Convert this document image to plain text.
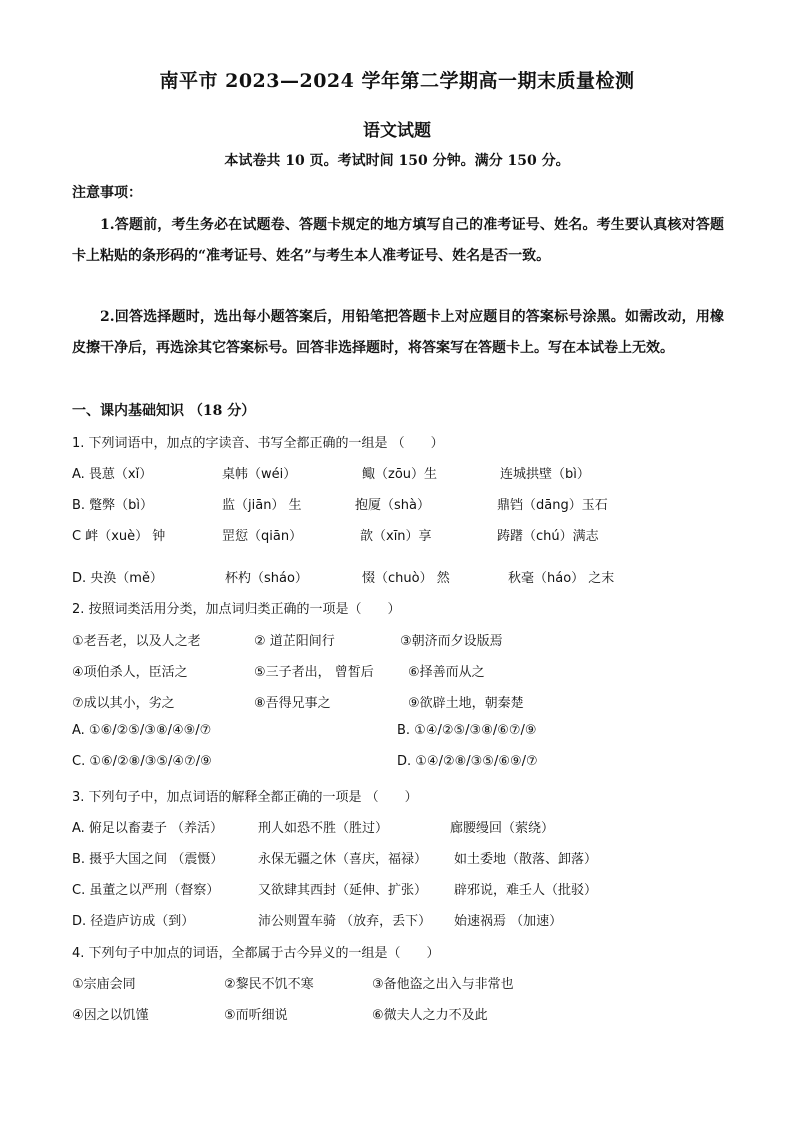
南平市 2023—2024 学年第二学期高一期末质量检测
语文试题
本试卷共 10 页。考试时间 150 分钟。满分 150 分。
注意事项：
1.答题前，考生务必在试题卷、答题卡规定的地方填写自己的准考证号、姓名。考生要认真核对答题卡上粘贴的条形码的“准考证号、姓名”与考生本人准考证号、姓名是否一致。
2.回答选择题时，选出每小题答案后，用铅笔把答题卡上对应题目的答案标号涂黑。如需改动，用橡皮擦干净后，再选涂其它答案标号。回答非选择题时，将答案写在答题卡上。写在本试卷上无效。
一、课内基础知识 （18 分）
1. 下列词语中，加点的字读音、书写全都正确的一组是 （　　）
A. 畏葸（xǐ）	桌帏（wéi）	鲰（zōu）生	连城拱壁（bì）
B. 蹩弊（bì）	监（jiān） 生	抱厦（shà）	鼎铛（dāng）玉石
C 衅（xuè） 钟	罡愆（qiān）	歆（xīn）享	踌躇（chú）满志
D. 央涣（mě）	杯杓（sháo）	惙（chuò） 然	秋毫（háo） 之末
2. 按照词类活用分类，加点词归类正确的一项是（　　）
①老吾老，以及人之老	② 道芷阳间行	③朝济而夕设版焉
④项伯杀人，臣活之	⑤三子者出， 曾皙后	⑥择善而从之
⑦成以其小，劣之	⑧吾得兄事之	⑨欲辟土地，朝秦楚
A. ①⑥/②⑤/③⑧/④⑨/⑦	B. ①④/②⑤/③⑧/⑥⑦/⑨
C. ①⑥/②⑧/③⑤/④⑦/⑨	D. ①④/②⑧/③⑤/⑥⑨/⑦
3. 下列句子中，加点词语的解释全都正确的一项是 （　　）
A. 俯足以畜妻子 （养活）	刑人如恐不胜（胜过）	廊腰缦回（萦绕）
B. 摄乎大国之间 （震慑）	永保无疆之休（喜庆，福禄） 如土委地（散落、卸落）
C. 虽董之以严刑（督察）	又欲肆其西封（延伸、扩张） 辟邪说，难壬人（批驳）
D. 径造庐访成（到）	沛公则置车骑 （放弃，丢下） 始速祸焉 （加速）
4. 下列句子中加点的词语，全都属于古今异义的一组是（　　）
①宗庙会同	②黎民不饥不寒	③备他盗之出入与非常也
④因之以饥馑	⑤而听细说	⑥微夫人之力不及此
